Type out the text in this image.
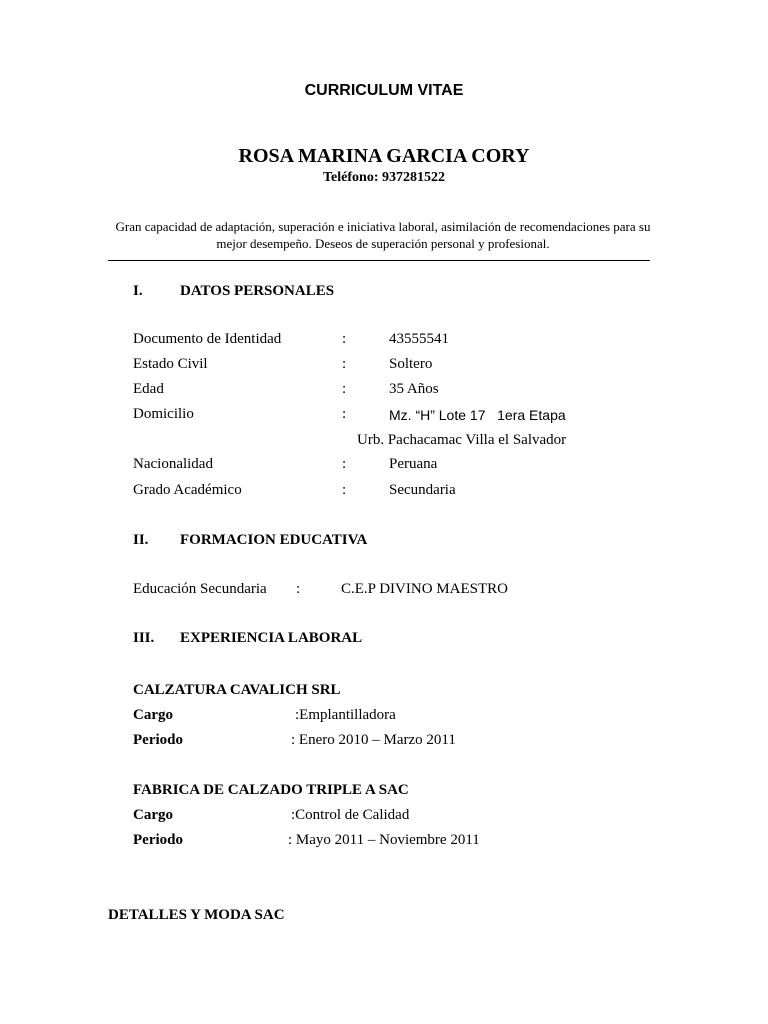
CURRICULUM VITAE
ROSA MARINA GARCIA CORY
Teléfono: 937281522
Gran capacidad de adaptación, superación e iniciativa laboral, asimilación de recomendaciones para su mejor desempeño. Deseos de superación personal y profesional.
I. DATOS PERSONALES
Documento de Identidad	:	43555541
Estado Civil	:	Soltero
Edad	:	35 Años
Domicilio	:	Mz. “H” Lote 17   1era Etapa
Urb. Pachacamac Villa el Salvador
Nacionalidad	:	Peruana
Grado Académico	:	Secundaria
II. FORMACION EDUCATIVA
Educación Secundaria :	C.E.P DIVINO MAESTRO
III. EXPERIENCIA LABORAL
CALZATURA CAVALICH SRL
Cargo	:Emplantilladora
Periodo	: Enero 2010 – Marzo 2011
FABRICA DE CALZADO TRIPLE A SAC
Cargo	:Control de Calidad
Periodo	: Mayo 2011 – Noviembre 2011
DETALLES Y MODA SAC
